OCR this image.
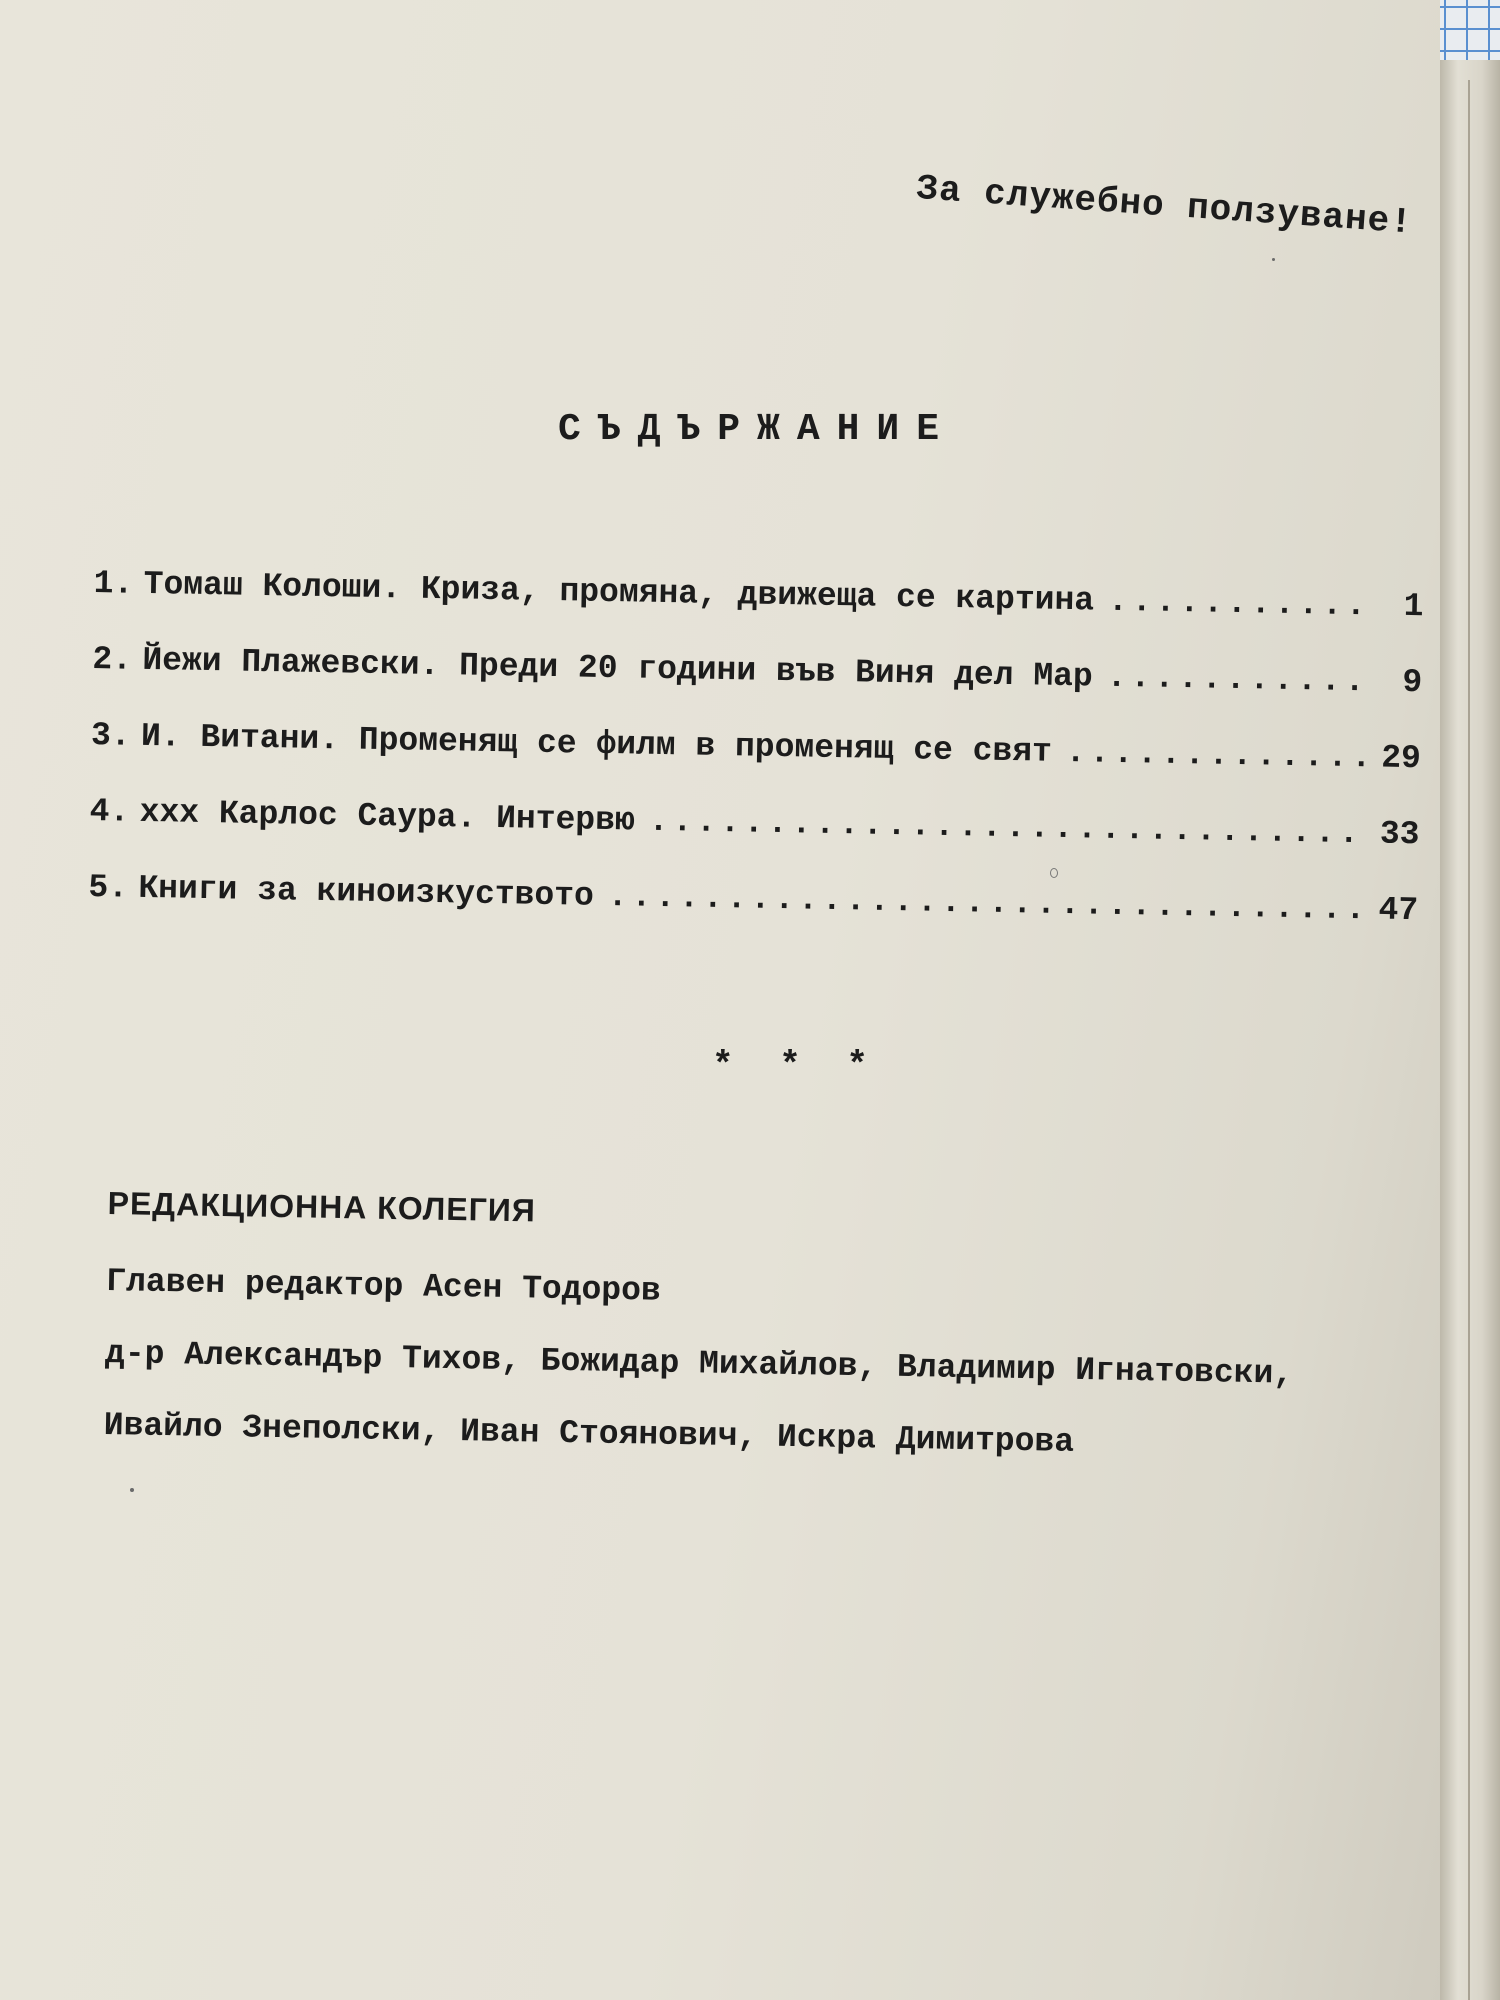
За служебно ползуване!
СЪДЪРЖАНИЕ
1. Томаш Колоши. Криза, промяна, движеща се картина .....	1
2. Йежи Плажевски. Преди 20 години във Виня дел Мар .....	9
3. И. Витани. Променящ се филм в променящ се свят .....	29
4. ххх Карлос Саура. Интервю .....	33
5. Книги за киноизкуствoто .....	47
* * *
РЕДАКЦИОННА КОЛЕГИЯ
Главен редактор Асен Тодоров
д-р Александър Тихов, Божидар Михайлов, Владимир Игнатовски,
Ивайло Знеполски, Иван Стоянович, Искра Димитрова
